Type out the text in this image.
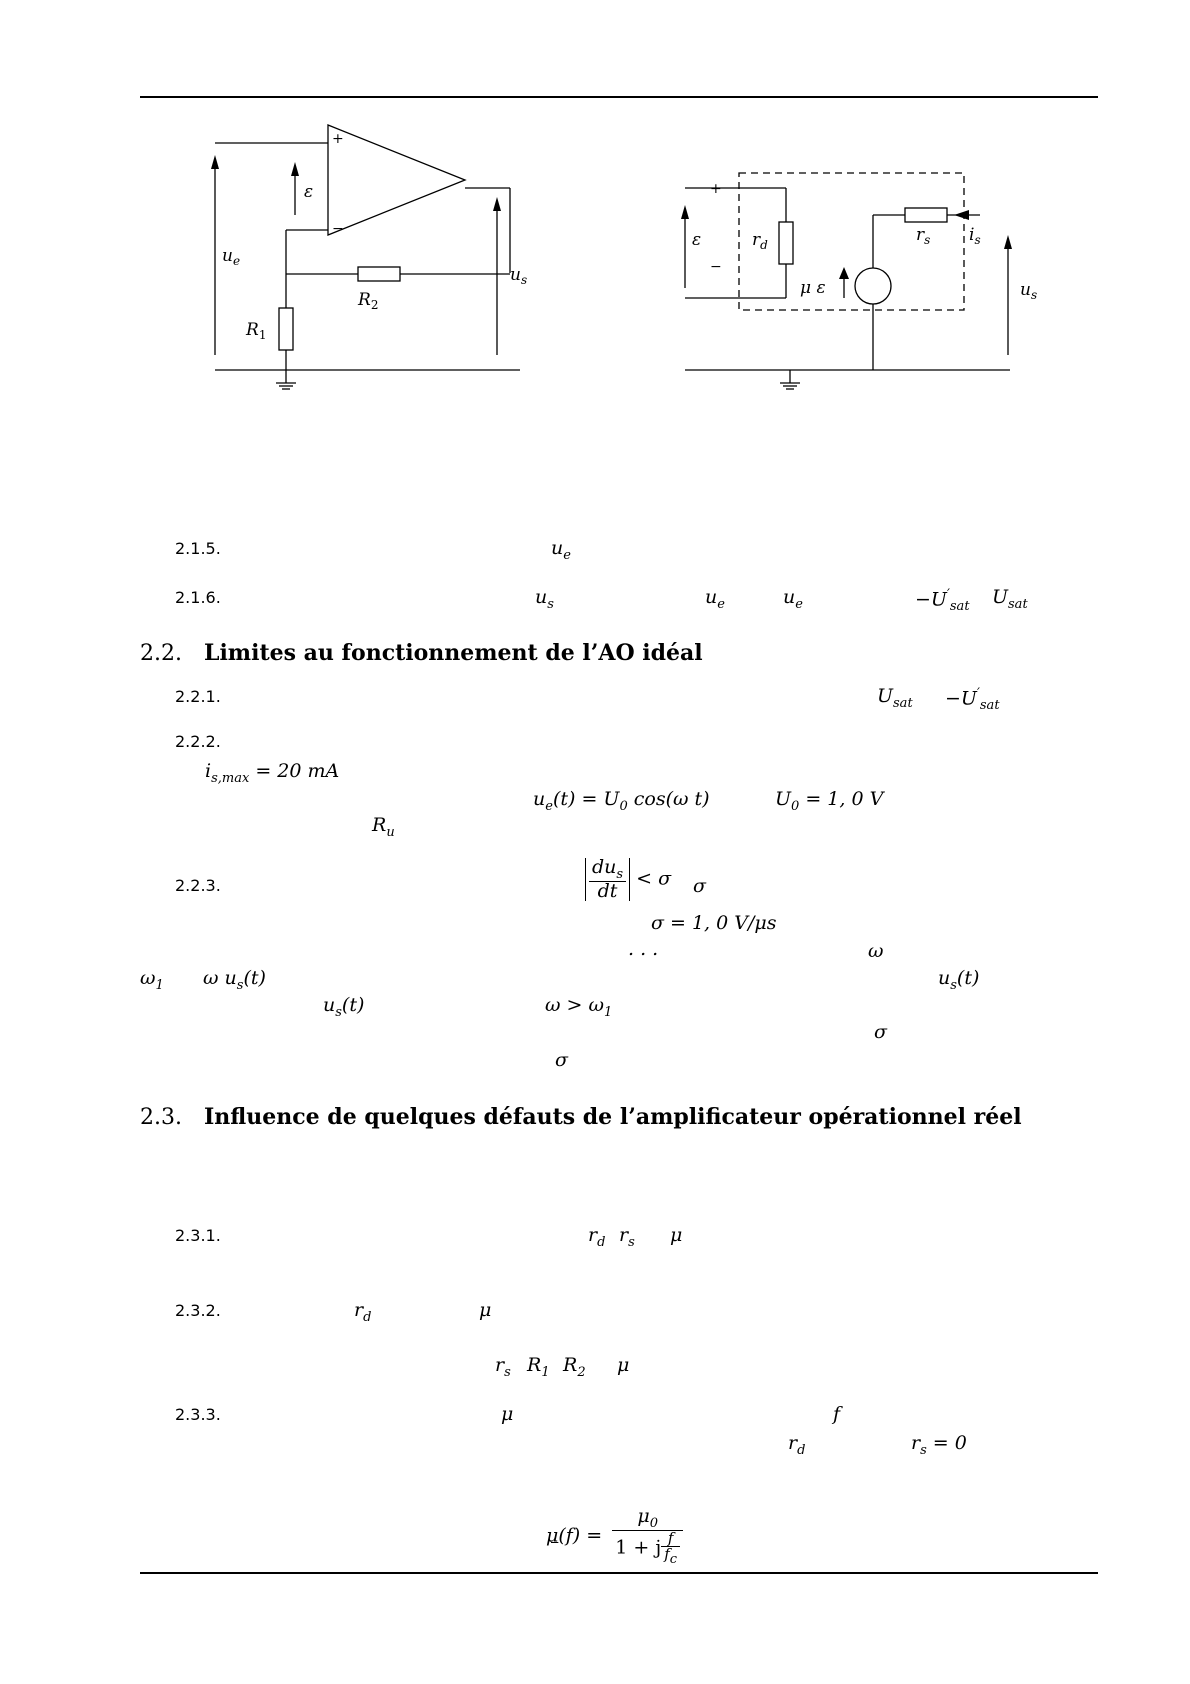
+
−
ε
$u_e$
$u_s$
$R_2$
$R_1$
+
−
ε	$r_d$	$r_s$ $i_s$
μ ε	$u_s$
2.1.5.	$u_e$
2.1.6.	$u_s$	$u_e$	$u_e$	$-U'_{sat}$ $U_{sat}$
2.2. Limites au fonctionnement de l’AO idéal
2.2.1.	$U_{sat} -U'_{sat}$
2.2.2.
$i_{s,max} = 20$ mA
$u_e(t) = U_0$ cos(ω t)	$U_0 = 1$, 0 V
$R_u$
2.2.3.	$\frac{du_s}{dt} < \sigma$ σ
σ = 1, 0 V/μs
. . .	ω
$\omega_1$ ω $u_s(t)$	$u_s(t)$
$u_s(t)$	$\omega > \omega_1$
σ
σ
2.3. Influence de quelques défauts de l’amplificateur opérationnel réel
2.3.1.	$r_d$ $r_s$ μ
2.3.2.	$r_d$	μ
$r_s$ $R_1$ $R_2$ μ
2.3.3.	μ	f
$r_d$	$r_s = 0$
$\mu(f) = \frac{\mu_0}{1 + j \frac{f}{f_c}}$
